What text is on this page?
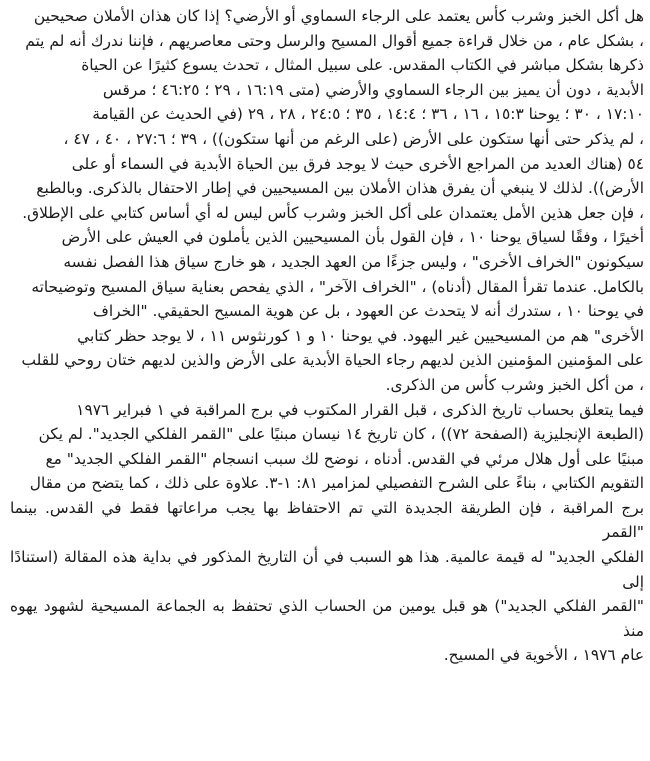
هل أكل الخبز وشرب كأس يعتمد على الرجاء السماوي أو الأرضي؟ إذا كان هذان الأملان صحيحين
، بشكل عام ، من خلال قراءة جميع أقوال المسيح والرسل وحتى معاصريهم ، فإننا ندرك أنه لم يتم
ذكرها بشكل مباشر في الكتاب المقدس. على سبيل المثال ، تحدث يسوع كثيرًا عن الحياة
الأبدية ، دون أن يميز بين الرجاء السماوي والأرضي (متى ١٦:١٩ ، ٢٩ ؛ ٤٦:٢٥ ؛ مرقس
١٧:١٠ ، ٣٠ ؛ يوحنا ١٥:٣ ، ١٦ ، ٣٦ ؛ ١٤:٤ ، ٣٥ ؛ ٢٤:٥ ، ٢٨ ، ٢٩ (في الحديث عن القيامة
، لم يذكر حتى أنها ستكون على الأرض (على الرغم من أنها ستكون)) ، ٣٩ ؛ ٢٧:٦ ، ٤٠ ، ٤٧ ،
٥٤ (هناك العديد من المراجع الأخرى حيث لا يوجد فرق بين الحياة الأبدية في السماء أو على
الأرض)). لذلك لا ينبغي أن يفرق هذان الأملان بين المسيحيين في إطار الاحتفال بالذكرى. وبالطبع
، فإن جعل هذين الأمل يعتمدان على أكل الخبز وشرب كأس ليس له أي أساس كتابي على الإطلاق.

أخيرًا ، وفقًا لسياق يوحنا ١٠ ، فإن القول بأن المسيحيين الذين يأملون في العيش على الأرض
سيكونون "الخراف الأخرى" ، وليس جزءًا من العهد الجديد ، هو خارج سياق هذا الفصل نفسه
بالكامل. عندما تقرأ المقال (أدناه) ، "الخراف الآخر" ، الذي يفحص بعناية سياق المسيح وتوضيحاته
في يوحنا ١٠ ، ستدرك أنه لا يتحدث عن العهود ، بل عن هوية المسيح الحقيقي. "الخراف
الأخرى" هم من المسيحيين غير اليهود. في يوحنا ١٠ و ١ كورنثوس ١١ ، لا يوجد حظر كتابي
على المؤمنين المؤمنين الذين لديهم رجاء الحياة الأبدية على الأرض والذين لديهم ختان روحي للقلب
، من أكل الخبز وشرب كأس من الذكرى.

فيما يتعلق بحساب تاريخ الذكرى ، قبل القرار المكتوب في برج المراقبة في ١ فبراير ١٩٧٦
(الطبعة الإنجليزية (الصفحة ٧٢)) ، كان تاريخ ١٤ نيسان مبنيًا على "القمر الفلكي الجديد". لم يكن
مبنيًا على أول هلال مرئي في القدس. أدناه ، نوضح لك سبب انسجام "القمر الفلكي الجديد" مع
التقويم الكتابي ، بناءً على الشرح التفصيلي لمزامير ٨١: ١-٣. علاوة على ذلك ، كما يتضح من مقال
برج المراقبة ، فإن الطريقة الجديدة التي تم الاحتفاظ بها يجب مراعاتها فقط في القدس. بينما "القمر
الفلكي الجديد" له قيمة عالمية. هذا هو السبب في أن التاريخ المذكور في بداية هذه المقالة (استنادًا إلى
"القمر الفلكي الجديد") هو قبل يومين من الحساب الذي تحتفظ به الجماعة المسيحية لشهود يهوه منذ
عام ١٩٧٦ ، الأخوية في المسيح.
